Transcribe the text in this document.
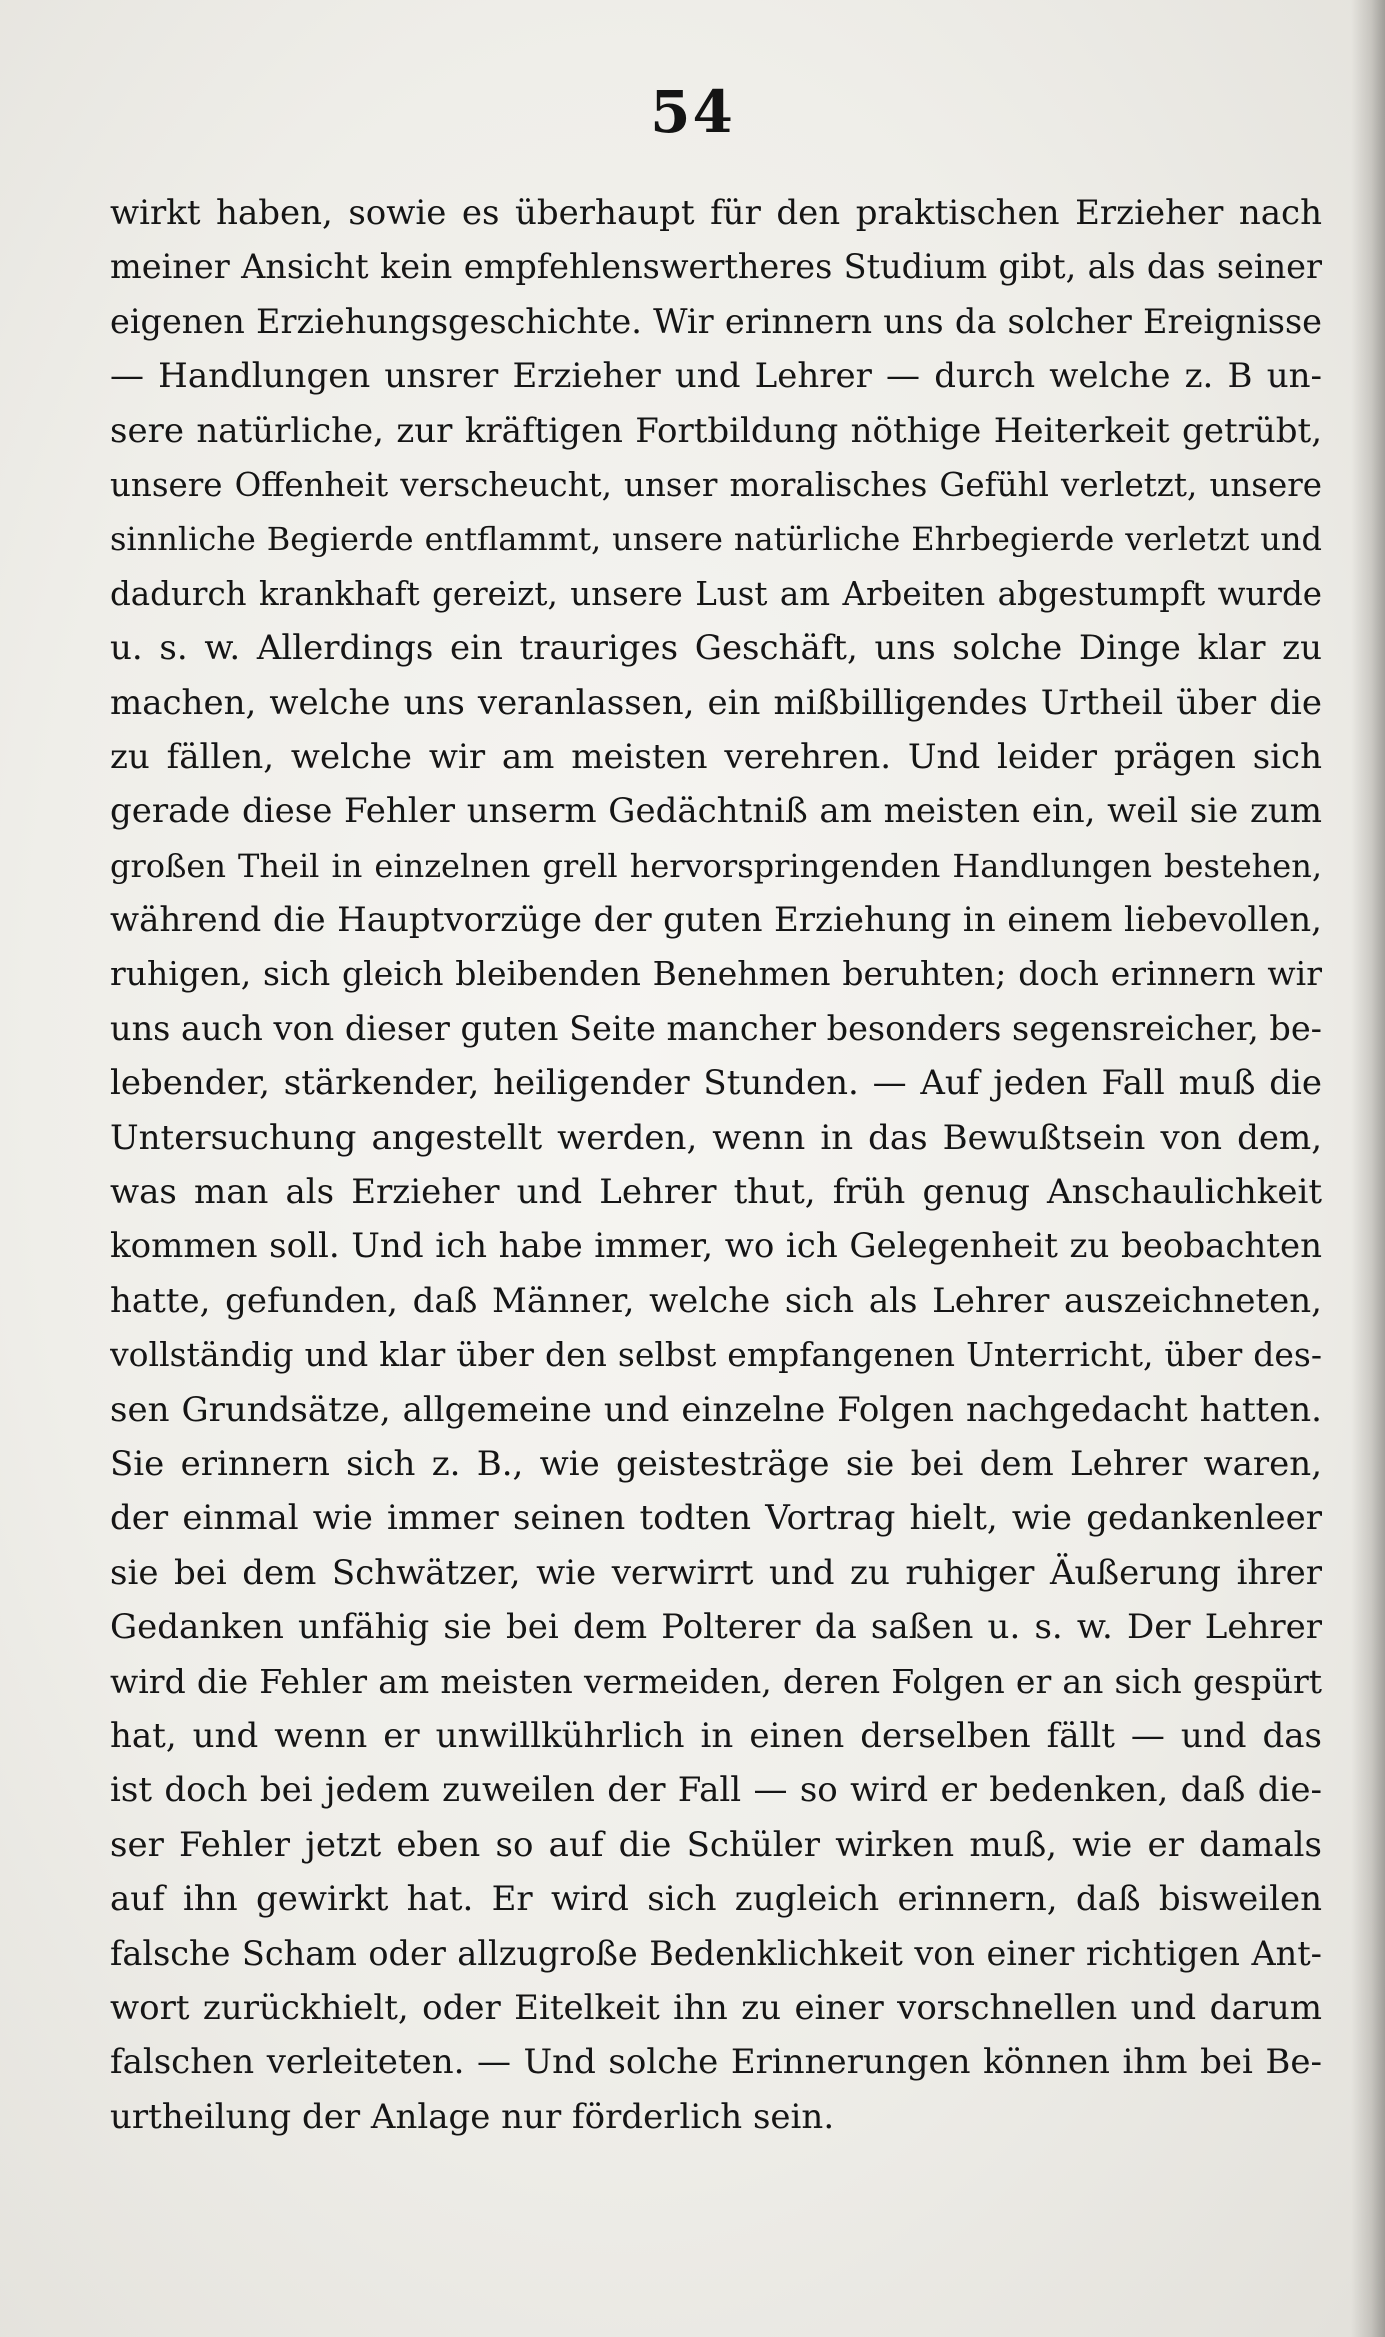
54
wirkt haben, sowie es überhaupt für den praktischen Erzieher nach
meiner Ansicht kein empfehlenswertheres Studium gibt, als das seiner
eigenen Erziehungsgeschichte. Wir erinnern uns da solcher Ereignisse
— Handlungen unsrer Erzieher und Lehrer — durch welche z. B un-
sere natürliche, zur kräftigen Fortbildung nöthige Heiterkeit getrübt,
unsere Offenheit verscheucht, unser moralisches Gefühl verletzt, unsere
sinnliche Begierde entflammt, unsere natürliche Ehrbegierde verletzt und
dadurch krankhaft gereizt, unsere Lust am Arbeiten abgestumpft wurde
u. s. w. Allerdings ein trauriges Geschäft, uns solche Dinge klar zu
machen, welche uns veranlassen, ein mißbilligendes Urtheil über die
zu fällen, welche wir am meisten verehren. Und leider prägen sich
gerade diese Fehler unserm Gedächtniß am meisten ein, weil sie zum
großen Theil in einzelnen grell hervorspringenden Handlungen bestehen,
während die Hauptvorzüge der guten Erziehung in einem liebevollen,
ruhigen, sich gleich bleibenden Benehmen beruhten; doch erinnern wir
uns auch von dieser guten Seite mancher besonders segensreicher, be-
lebender, stärkender, heiligender Stunden. — Auf jeden Fall muß die
Untersuchung angestellt werden, wenn in das Bewußtsein von dem,
was man als Erzieher und Lehrer thut, früh genug Anschaulichkeit
kommen soll. Und ich habe immer, wo ich Gelegenheit zu beobachten
hatte, gefunden, daß Männer, welche sich als Lehrer auszeichneten,
vollständig und klar über den selbst empfangenen Unterricht, über des-
sen Grundsätze, allgemeine und einzelne Folgen nachgedacht hatten.
Sie erinnern sich z. B., wie geistesträge sie bei dem Lehrer waren,
der einmal wie immer seinen todten Vortrag hielt, wie gedankenleer
sie bei dem Schwätzer, wie verwirrt und zu ruhiger Äußerung ihrer
Gedanken unfähig sie bei dem Polterer da saßen u. s. w. Der Lehrer
wird die Fehler am meisten vermeiden, deren Folgen er an sich gespürt
hat, und wenn er unwillkührlich in einen derselben fällt — und das
ist doch bei jedem zuweilen der Fall — so wird er bedenken, daß die-
ser Fehler jetzt eben so auf die Schüler wirken muß, wie er damals
auf ihn gewirkt hat. Er wird sich zugleich erinnern, daß bisweilen
falsche Scham oder allzugroße Bedenklichkeit von einer richtigen Ant-
wort zurückhielt, oder Eitelkeit ihn zu einer vorschnellen und darum
falschen verleiteten. — Und solche Erinnerungen können ihm bei Be-
urtheilung der Anlage nur förderlich sein.
